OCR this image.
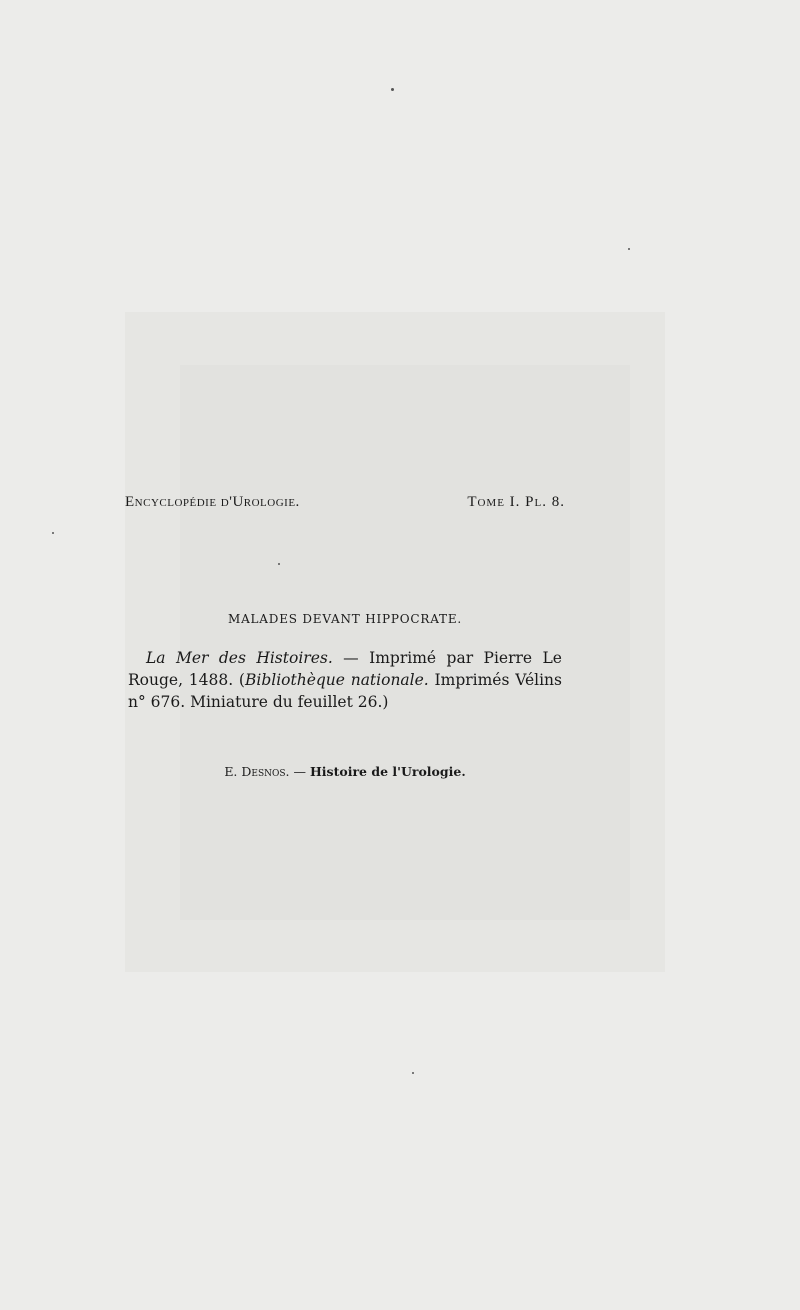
Encyclopédie d'Urologie.	Tome I. Pl. 8.
MALADES DEVANT HIPPOCRATE.
La Mer des Histoires. — Imprimé par Pierre Le Rouge, 1488. (Bibliothèque nationale. Imprimés Vélins n° 676. Miniature du feuillet 26.)
E. Desnos. — Histoire de l'Urologie.
